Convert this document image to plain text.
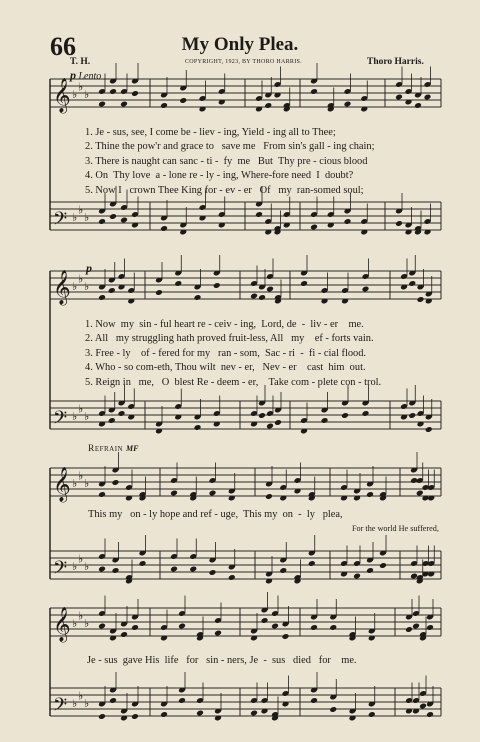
66	My Only Plea.
T. H.	COPYRIGHT, 1923, BY THORO HARRIS.	Thoro Harris.
p Lento
𝄞 ♭
♭
♭
𝄢 ♭
♭
♭
𝄞 ♭
♭
♭
𝄢 ♭
♭
♭
𝄞 ♭
♭
♭
𝄢 ♭
♭
♭
𝄞 ♭
♭
♭
𝄢 ♭
♭
♭
1. Je - sus, see, I come be - liev - ing, Yield - ing all to Thee;
2. Thine the pow'r and grace to   save me   From sin's gall - ing chain;
3. There is naught can sanc - ti -  fy  me   But  Thy pre - cious blood
4. On  Thy love  a - lone re - ly - ing, Where-fore need  I  doubt?
5. Now I   crown Thee King for - ev - er   Of   my  ran-somed soul;
p
1. Now  my  sin - ful heart re - ceiv - ing,  Lord, de  -  liv - er    me.
2. All   my struggling hath proved fruit-less, All   my    ef - forts vain.
3. Free - ly    of - fered for my   ran - som,  Sac - ri  -  fi - cial flood.
4. Who - so com-eth, Thou wilt  nev - er,   Nev - er    cast  him  out.
5. Reign in   me,   O  blest Re - deem - er,    Take com - plete con - trol.
Refrain mf
This my   on - ly hope and ref - uge,  This my  on  -  ly   plea,
For the world He suffered,
Je - sus  gave His  life   for   sin - ners, Je  -  sus   died   for    me.
